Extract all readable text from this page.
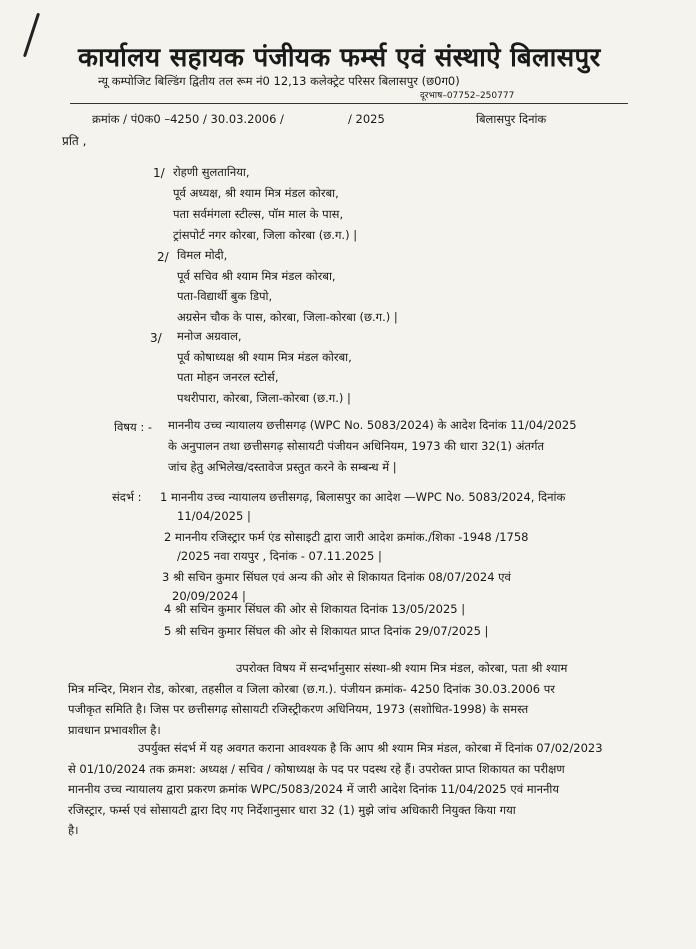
कार्यालय सहायक पंजीयक फर्म्स एवं संस्थाऐ बिलासपुर
न्यू कम्पोजिट बिल्डिंग द्वितीय तल रूम नं0 12,13 कलेक्ट्रेट परिसर बिलासपुर (छ0ग0)
दूरभाष–07752–250777
क्रमांक / पं0क0 –4250 / 30.03.2006 /	/ 2025	बिलासपुर दिनांक
प्रति ,
1/ रोहणी सुलतानिया,
पूर्व अध्यक्ष, श्री श्याम मित्र मंडल कोरबा,
पता सर्वमंगला स्टील्स, पॉम माल के पास,
ट्रांसपोर्ट नगर कोरबा, जिला कोरबा (छ.ग.) |
2/ विमल मोदी,
पूर्व सचिव श्री श्याम मित्र मंडल कोरबा,
पता-विद्यार्थी बुक डिपो,
अग्रसेन चौक के पास, कोरबा, जिला-कोरबा (छ.ग.) |
3/ मनोज अग्रवाल,
पूर्व कोषाध्यक्ष श्री श्याम मित्र मंडल कोरबा,
पता मोहन जनरल स्टोर्स,
पथरीपारा, कोरबा, जिला-कोरबा (छ.ग.) |
विषय : - माननीय उच्च न्यायालय छत्तीसगढ़ (WPC No. 5083/2024) के आदेश दिनांक 11/04/2025
के अनुपालन तथा छत्तीसगढ़ सोसायटी पंजीयन अधिनियम, 1973 की धारा 32(1) अंतर्गत
जांच हेतु अभिलेख/दस्तावेज प्रस्तुत करने के सम्बन्ध में |
संदर्भ : 1 माननीय उच्च न्यायालय छत्तीसगढ़, बिलासपुर का आदेश —WPC No. 5083/2024, दिनांक
11/04/2025 |
2 माननीय रजिस्ट्रार फर्म एंड सोसाइटी द्वारा जारी आदेश क्रमांक./शिका -1948 /1758
/2025 नवा रायपुर , दिनांक - 07.11.2025 |
3 श्री सचिन कुमार सिंघल एवं अन्य की ओर से शिकायत दिनांक 08/07/2024 एवं
20/09/2024 |
4 श्री सचिन कुमार सिंघल की ओर से शिकायत दिनांक 13/05/2025 |
5 श्री सचिन कुमार सिंघल की ओर से शिकायत प्राप्त दिनांक 29/07/2025 |
उपरोक्त विषय में सन्दर्भानुसार संस्था-श्री श्याम मित्र मंडल, कोरबा, पता श्री श्याम
मित्र मन्दिर, मिशन रोड, कोरबा, तहसील व जिला कोरबा (छ.ग.). पंजीयन क्रमांक- 4250 दिनांक 30.03.2006 पर
पजीकृत समिति है। जिस पर छत्तीसगढ़ सोसायटी रजिस्ट्रीकरण अधिनियम, 1973 (सशोधित-1998) के समस्त
प्रावधान प्रभावशील है।
उपर्युक्त संदर्भ में यह अवगत कराना आवश्यक है कि आप श्री श्याम मित्र मंडल, कोरबा में दिनांक 07/02/2023
से 01/10/2024 तक क्रमश: अध्यक्ष / सचिव / कोषाध्यक्ष के पद पर पदस्थ रहे हैं। उपरोक्त प्राप्त शिकायत का परीक्षण
माननीय उच्च न्यायालय द्वारा प्रकरण क्रमांक WPC/5083/2024 में जारी आदेश दिनांक 11/04/2025 एवं माननीय
रजिस्ट्रार, फर्म्स एवं सोसायटी द्वारा दिए गए निर्देशानुसार धारा 32 (1) मुझे जांच अधिकारी नियुक्त किया गया
है।
